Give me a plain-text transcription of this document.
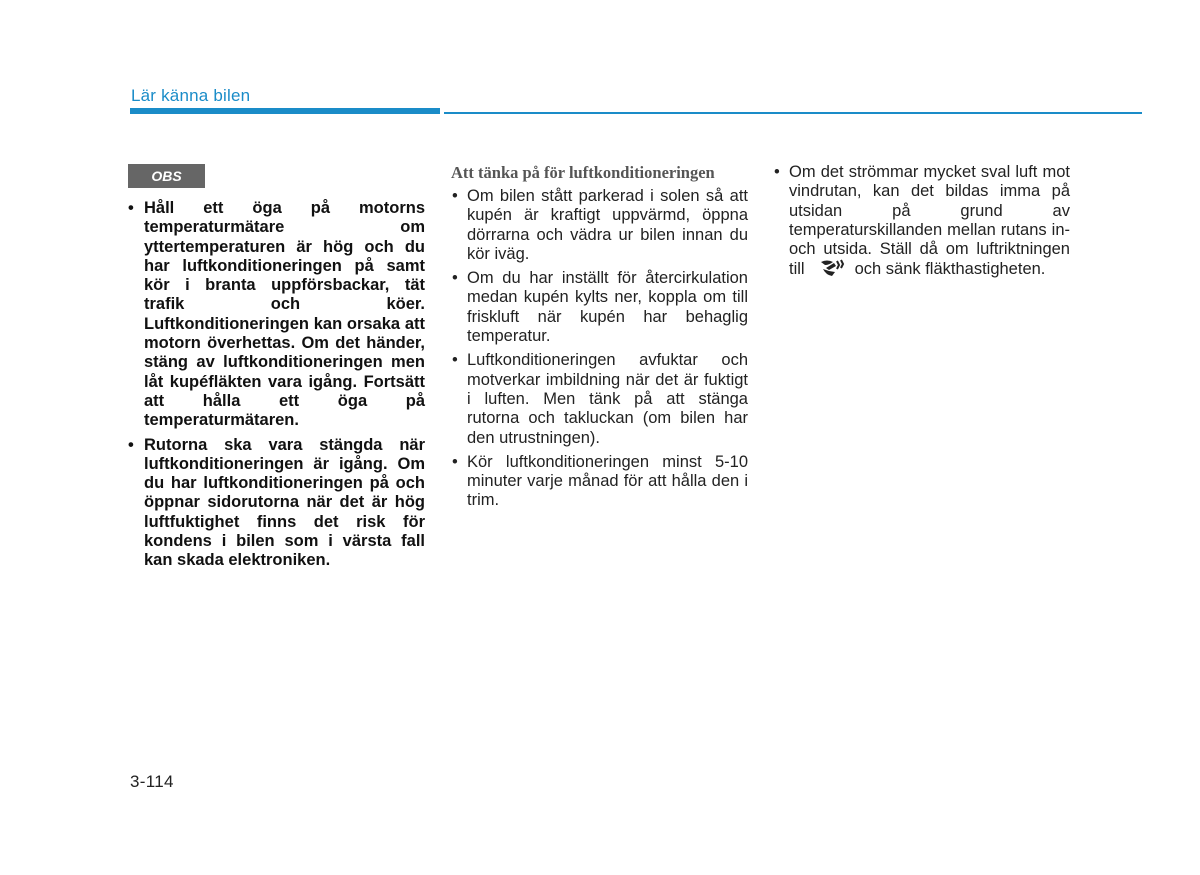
Lär känna bilen
OBS
• Håll ett öga på motorns temperaturmätare om yttertemperaturen är hög och du har luftkonditioneringen på samt kör i branta uppförsbackar, tät trafik och köer. Luftkonditioneringen kan orsaka att motorn överhettas. Om det händer, stäng av luftkonditioneringen men låt kupéfläkten vara igång. Fortsätt att hålla ett öga på temperaturmätaren.
• Rutorna ska vara stängda när luftkonditioneringen är igång. Om du har luftkonditioneringen på och öppnar sidorutorna när det är hög luftfuktighet finns det risk för kondens i bilen som i värsta fall kan skada elektroniken.
Att tänka på för luftkonditioneringen
• Om bilen stått parkerad i solen så att kupén är kraftigt uppvärmd, öppna dörrarna och vädra ur bilen innan du kör iväg.
• Om du har inställt för återcirkulation medan kupén kylts ner, koppla om till friskluft när kupén har behaglig temperatur.
• Luftkonditioneringen avfuktar och motverkar imbildning när det är fuktigt i luften. Men tänk på att stänga rutorna och takluckan (om bilen har den utrustningen).
• Kör luftkonditioneringen minst 5-10 minuter varje månad för att hålla den i trim.
• Om det strömmar mycket sval luft mot vindrutan, kan det bildas imma på utsidan på grund av temperaturskillanden mellan rutans in- och utsida. Ställ då om luftriktningen till	och sänk fläkthastigheten.
3-114
